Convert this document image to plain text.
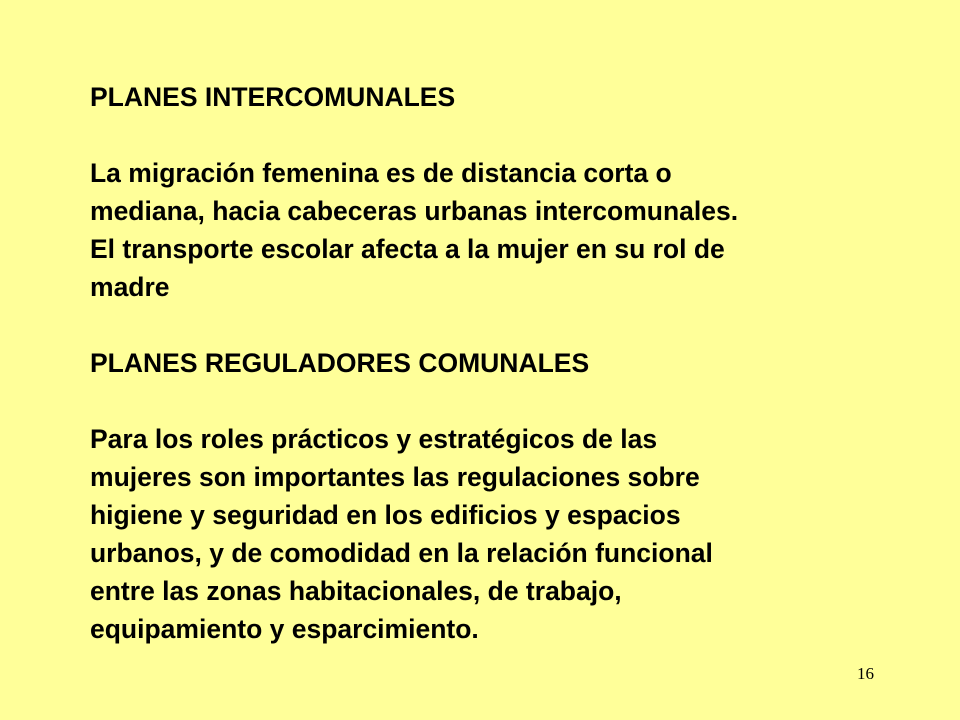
PLANES INTERCOMUNALES
La migración femenina es de distancia corta o
mediana, hacia cabeceras urbanas intercomunales.
El transporte escolar afecta a la mujer en su rol de
madre
PLANES REGULADORES COMUNALES
Para los roles prácticos y estratégicos de las
mujeres son importantes las regulaciones sobre
higiene y seguridad en los edificios y espacios
urbanos, y de comodidad en la relación funcional
entre las zonas habitacionales, de trabajo,
equipamiento y esparcimiento.
16
